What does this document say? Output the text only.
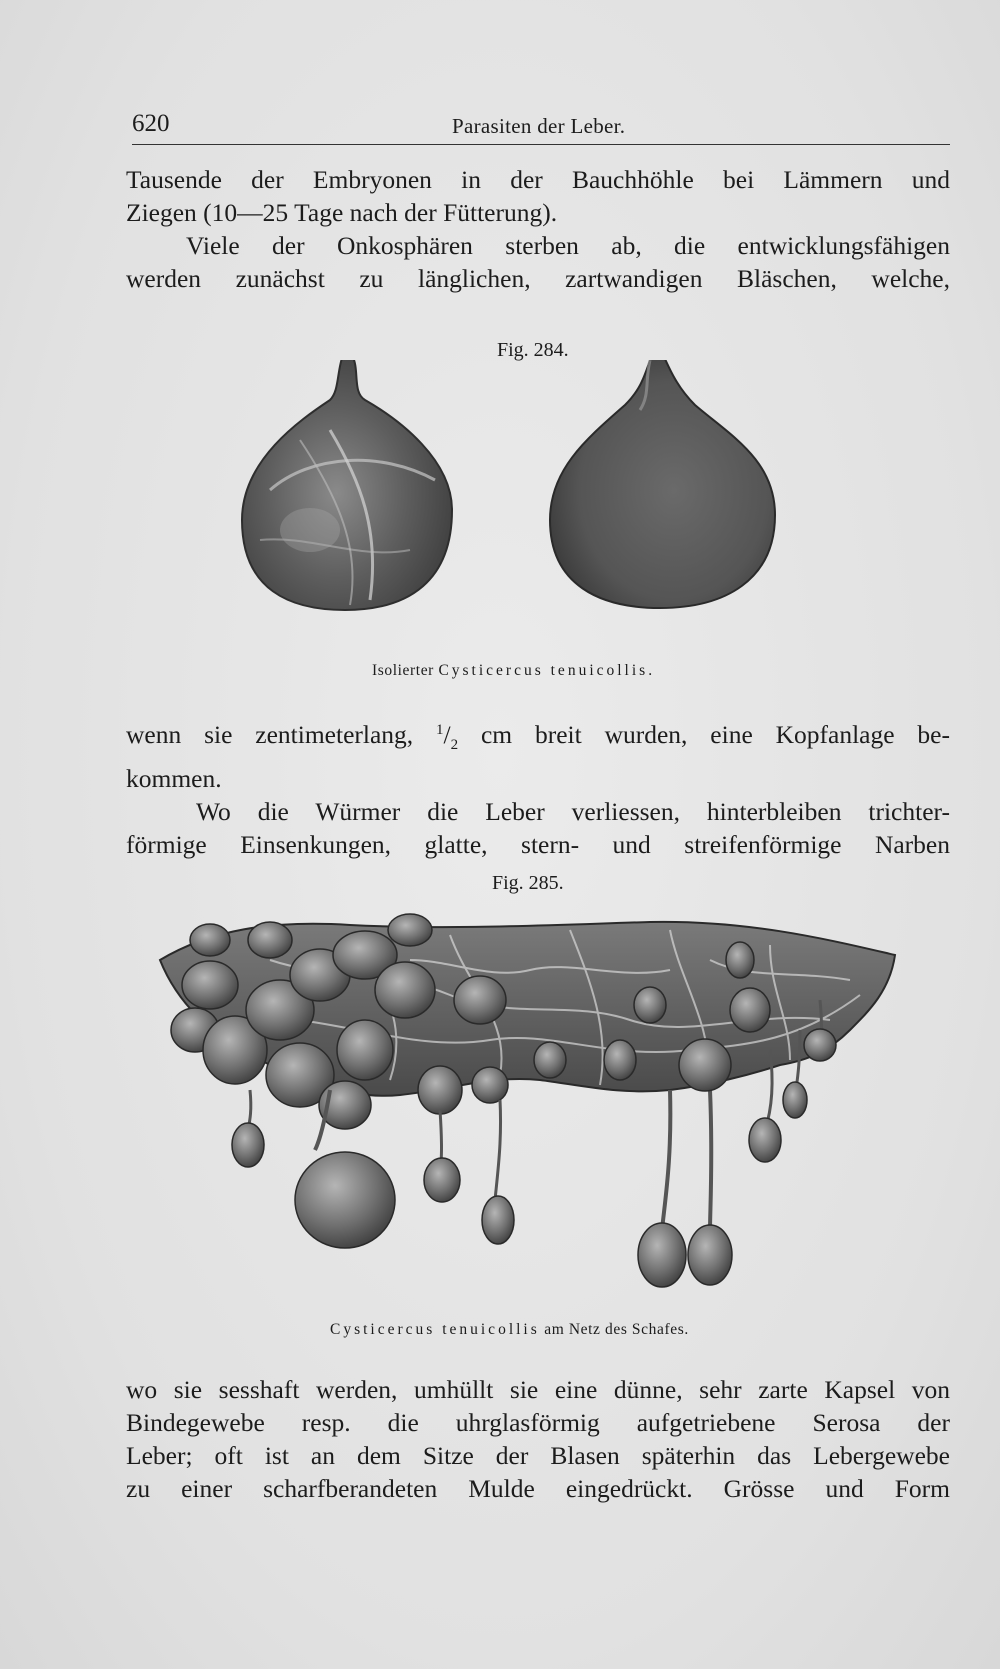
620	Parasiten der Leber.
Tausende der Embryonen in der Bauchhöhle bei Lämmern und
Ziegen (10—25 Tage nach der Fütterung).
Viele der Onkosphären sterben ab, die entwicklungsfähigen
werden zunächst zu länglichen, zartwandigen Bläschen, welche,
Fig. 284.
Isolierter Cysticercus tenuicollis.
wenn sie zentimeterlang, $^1/_2$ cm breit wurden, eine Kopfanlage be-
kommen.
Wo die Würmer die Leber verliessen, hinterbleiben trichter-
förmige Einsenkungen, glatte, stern- und streifenförmige Narben
Fig. 285.
Cysticercus tenuicollis am Netz des Schafes.
wo sie sesshaft werden, umhüllt sie eine dünne, sehr zarte Kapsel von
Bindegewebe resp. die uhrglasförmig aufgetriebene Serosa der
Leber; oft ist an dem Sitze der Blasen späterhin das Lebergewebe
zu einer scharfberandeten Mulde eingedrückt. Grösse und Form
